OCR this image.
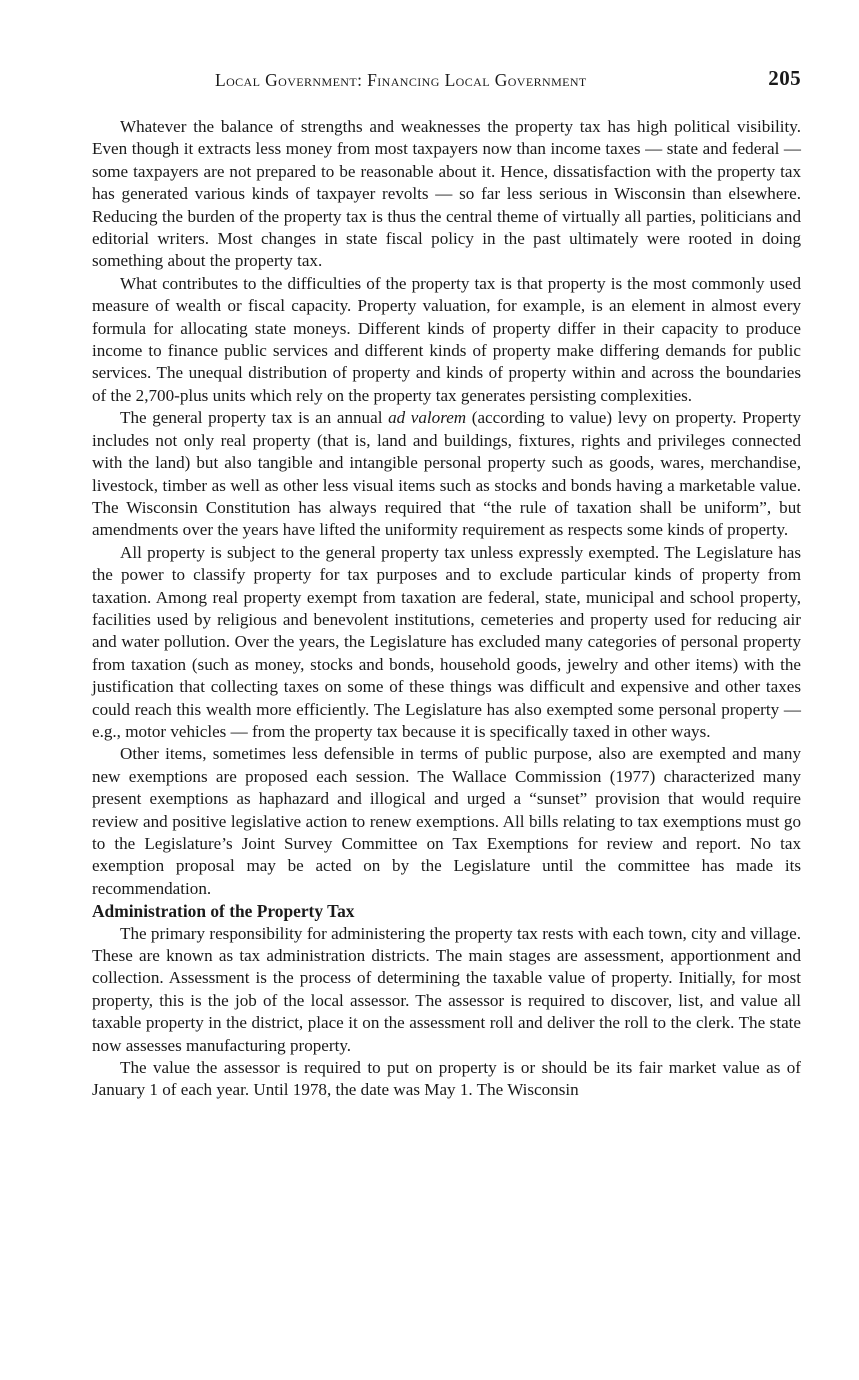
Local Government: Financing Local Government	205

Whatever the balance of strengths and weaknesses the property tax has high political visibility. Even though it extracts less money from most taxpayers now than income taxes — state and federal — some taxpayers are not prepared to be reasonable about it. Hence, dissatisfaction with the property tax has generated various kinds of taxpayer revolts — so far less serious in Wisconsin than elsewhere. Reducing the burden of the property tax is thus the central theme of virtually all parties, politicians and editorial writers. Most changes in state fiscal policy in the past ultimately were rooted in doing something about the property tax.

What contributes to the difficulties of the property tax is that property is the most commonly used measure of wealth or fiscal capacity. Property valuation, for example, is an element in almost every formula for allocating state moneys. Different kinds of property differ in their capacity to produce income to finance public services and different kinds of property make differing demands for public services. The unequal distribution of property and kinds of property within and across the boundaries of the 2,700-plus units which rely on the property tax generates persisting complexities.

The general property tax is an annual ad valorem (according to value) levy on property. Property includes not only real property (that is, land and buildings, fixtures, rights and privileges connected with the land) but also tangible and intangible personal property such as goods, wares, merchandise, livestock, timber as well as other less visual items such as stocks and bonds having a marketable value. The Wisconsin Constitution has always required that “the rule of taxation shall be uniform”, but amendments over the years have lifted the uniformity requirement as respects some kinds of property.

All property is subject to the general property tax unless expressly exempted. The Legislature has the power to classify property for tax purposes and to exclude particular kinds of property from taxation. Among real property exempt from taxation are federal, state, municipal and school property, facilities used by religious and benevolent institutions, cemeteries and property used for reducing air and water pollution. Over the years, the Legislature has excluded many categories of personal property from taxation (such as money, stocks and bonds, household goods, jewelry and other items) with the justification that collecting taxes on some of these things was difficult and expensive and other taxes could reach this wealth more efficiently. The Legislature has also exempted some personal property — e.g., motor vehicles — from the property tax because it is specifically taxed in other ways.

Other items, sometimes less defensible in terms of public purpose, also are exempted and many new exemptions are proposed each session. The Wallace Commission (1977) characterized many present exemptions as haphazard and illogical and urged a “sunset” provision that would require review and positive legislative action to renew exemptions. All bills relating to tax exemptions must go to the Legislature’s Joint Survey Committee on Tax Exemptions for review and report. No tax exemption proposal may be acted on by the Legislature until the committee has made its recommendation.

Administration of the Property Tax

The primary responsibility for administering the property tax rests with each town, city and village. These are known as tax administration districts. The main stages are assessment, apportionment and collection. Assessment is the process of determining the taxable value of property. Initially, for most property, this is the job of the local assessor. The assessor is required to discover, list, and value all taxable property in the district, place it on the assessment roll and deliver the roll to the clerk. The state now assesses manufacturing property.

The value the assessor is required to put on property is or should be its fair market value as of January 1 of each year. Until 1978, the date was May 1. The Wisconsin
